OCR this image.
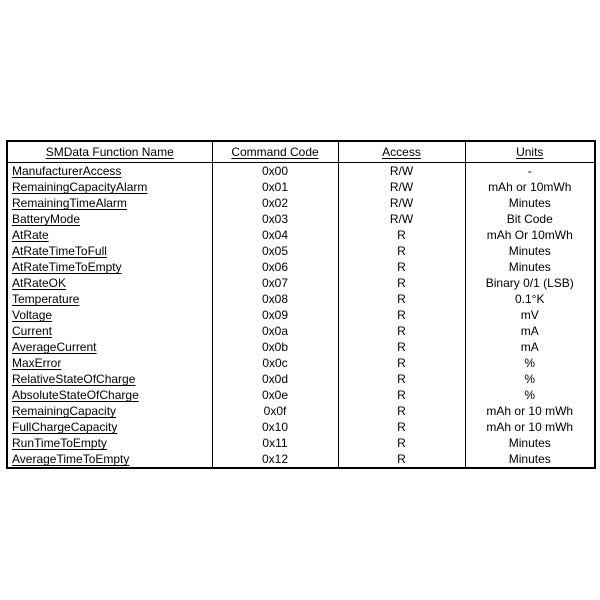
SMData Function Name	Command Code	Access	Units
ManufacturerAccess	0x00	R/W	-
RemainingCapacityAlarm	0x01	R/W	mAh or 10mWh
RemainingTimeAlarm	0x02	R/W	Minutes
BatteryMode	0x03	R/W	Bit Code
AtRate	0x04	R	mAh Or 10mWh
AtRateTimeToFull	0x05	R	Minutes
AtRateTimeToEmpty	0x06	R	Minutes
AtRateOK	0x07	R	Binary 0/1 (LSB)
Temperature	0x08	R	0.1°K
Voltage	0x09	R	mV
Current	0x0a	R	mA
AverageCurrent	0x0b	R	mA
MaxError	0x0c	R	%
RelativeStateOfCharge	0x0d	R	%
AbsoluteStateOfCharge	0x0e	R	%
RemainingCapacity	0x0f	R	mAh or 10 mWh
FullChargeCapacity	0x10	R	mAh or 10 mWh
RunTimeToEmpty	0x11	R	Minutes
AverageTimeToEmpty	0x12	R	Minutes
